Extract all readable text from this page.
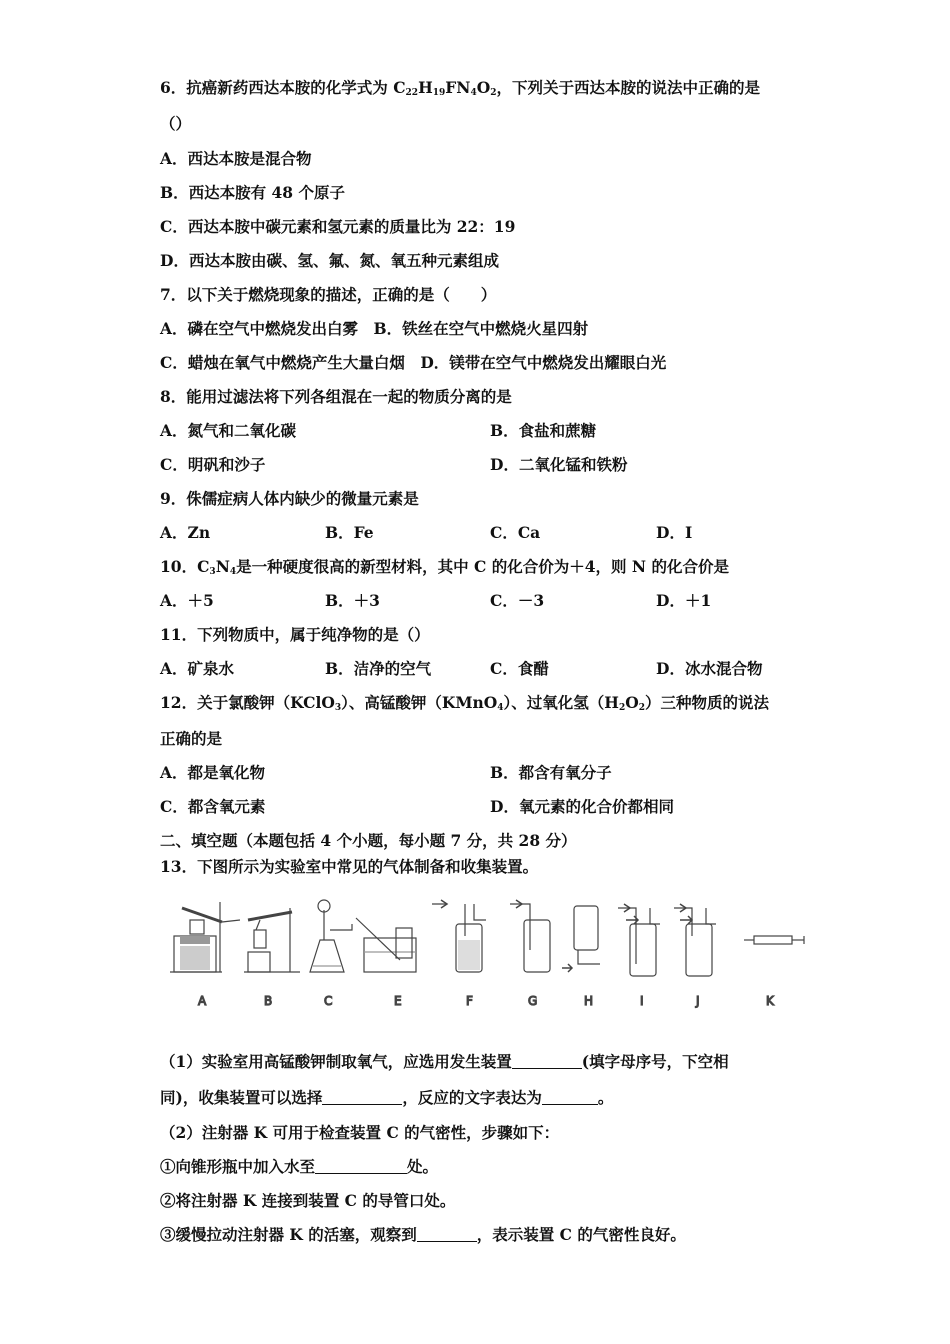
6．抗癌新药西达本胺的化学式为 $C_{22}H_{19}FN_4O_2$，下列关于西达本胺的说法中正确的是
（）
A．西达本胺是混合物
B．西达本胺有 48 个原子
C．西达本胺中碳元素和氢元素的质量比为 22：19
D．西达本胺由碳、氢、氟、氮、氧五种元素组成
7．以下关于燃烧现象的描述，正确的是（　　）
A．磷在空气中燃烧发出白雾　B．铁丝在空气中燃烧火星四射
C．蜡烛在氧气中燃烧产生大量白烟　D．镁带在空气中燃烧发出耀眼白光
8．能用过滤法将下列各组混在一起的物质分离的是
A．氮气和二氧化碳	B．食盐和蔗糖
C．明矾和沙子	D．二氧化锰和铁粉
9．侏儒症病人体内缺少的微量元素是
A．Zn	B．Fe	C．Ca	D．I
10．$C_3N_4$是一种硬度很高的新型材料，其中 C 的化合价为＋4，则 N 的化合价是
A．＋5	B．＋3	C．－3	D．＋1
11．下列物质中，属于纯净物的是（）
A．矿泉水	B．洁净的空气	C．食醋	D．冰水混合物
12．关于氯酸钾（KClO$_3$）、高锰酸钾（KMnO$_4$）、过氧化氢$(H_2O_2)$三种物质的说法
正确的是
A．都是氧化物	B．都含有氧分子
C．都含氧元素	D．氧元素的化合价都相同
二、填空题（本题包括 4 个小题，每小题 7 分，共 28 分）
13．下图所示为实验室中常见的气体制备和收集装置。
A	B	C	E	F	G	H	I	J	K
（1）实验室用高锰酸钾制取氧气，应选用发生装置	(填字母序号，下空相
同)，收集装置可以选择	，反应的文字表达为	。
（2）注射器 K 可用于检查装置 C 的气密性，步骤如下：
①向锥形瓶中加入水至	处。
②将注射器 K 连接到装置 C 的导管口处。
③缓慢拉动注射器 K 的活塞，观察到	，表示装置 C 的气密性良好。
